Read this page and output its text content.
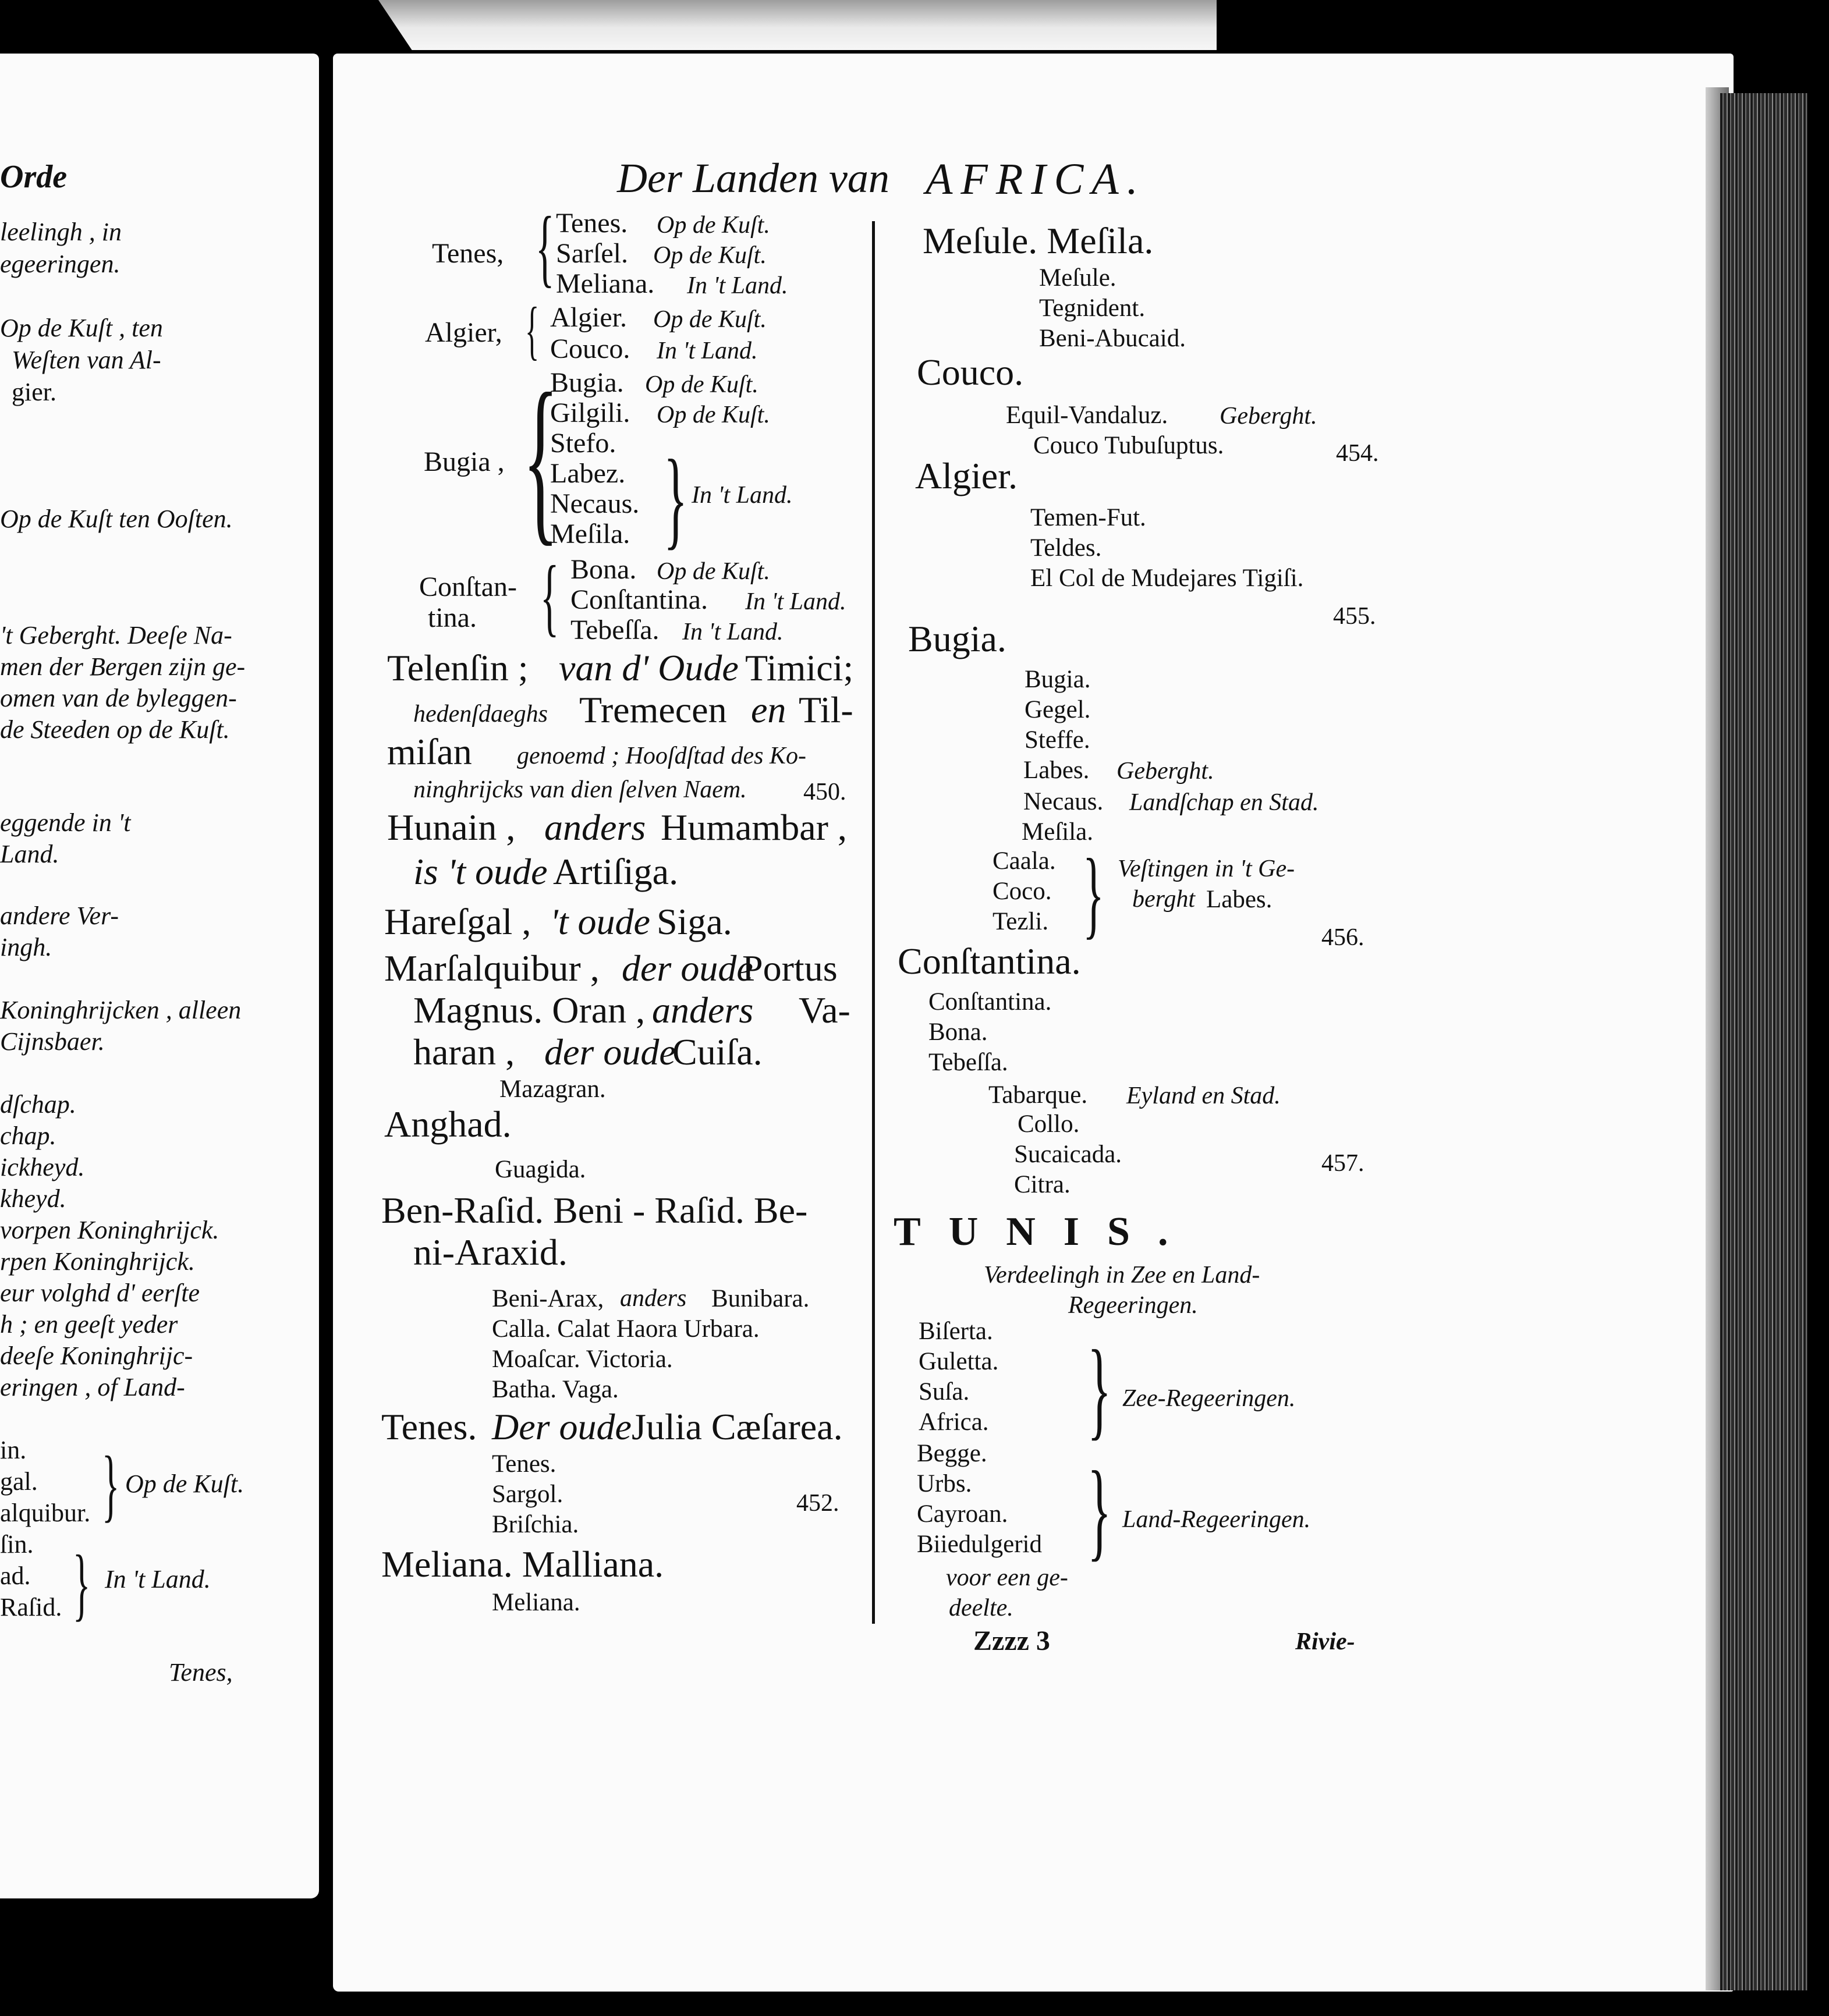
Orde
leelingh , in
egeeringen.
Op de Kuſt , ten
Weſten van Al-
gier.
Op de Kuſt ten Ooſten.
't Geberght. Deeſe Na-
men der Bergen zijn ge-
omen van de byleggen-
de Steeden op de Kuſt.
eggende in 't
Land.
andere Ver-
ingh.
Koninghrijcken , alleen
Cijnsbaer.
dſchap.
chap.
ickheyd.
kheyd.
vorpen Koninghrijck.
rpen Koninghrijck.
eur volghd d' eerſte
h ; en geeſt yeder
deeſe Koninghrijc-
eringen , of Land-
in.
gal.
alquibur.
ſin.
ad.
Raſid.
} Op de Kuſt.
} In 't Land.
Tenes,
Der Landen van AFRICA.
Tenes, { Tenes. Op de Kuſt.
Sarſel. Op de Kuſt.
Meliana. In 't Land.
Algier, { Algier. Op de Kuſt.
Couco. In 't Land.
Bugia , {
Bugia. Op de Kuſt.
Gilgili. Op de Kuſt.
Stefo.
Labez.
Necaus.
Meſila. } In 't Land.
Conſtan-
tina. { Bona. Op de Kuſt.
Conſtantina. In 't Land.
Tebeſſa. In 't Land.
Telenſin ; van d' Oude Timici;
hedenſdaeghs Tremecen en Til-
miſan genoemd ; Hooſdſtad des Ko-
ninghrijcks van dien ſelven Naem. 450.
Hunain , anders Humambar ,
is 't oude Artiſiga.
Hareſgal , 't oude Siga.
Marſalquibur , der oude
Portus
Magnus. Oran , anders Va-
haran , der oude
Cuiſa.
Mazagran.
Anghad.
Guagida.
Ben-Raſid. Beni - Raſid. Be-
ni-Araxid.
Beni-Arax, anders Bunibara.
Calla. Calat Haora Urbara.
Moaſcar. Victoria.
Batha. Vaga.
Tenes. Der oude Julia Cæſarea.
Tenes.
Sargol.
Briſchia.
452.
Meliana. Malliana.
Meliana.
Meſule. Meſila.
Meſule.
Tegnident.
Beni-Abucaid.
Couco.
Equil-Vandaluz. Geberght.
Couco Tubuſuptus.	454.
Algier.
Temen-Fut.
Teldes.
El Col de Mudejares Tigiſi.
455.
Bugia.
Bugia.
Gegel.
Steffe.
Labes. Geberght.
Necaus. Landſchap en Stad.
Meſila.
Caala.
Coco.
Tezli. } Veſtingen in 't Ge-
berght Labes.
456.
Conſtantina.
Conſtantina.
Bona.
Tebeſſa.
Tabarque. Eyland en Stad.
Collo.
Sucaicada.
Citra.
457.
TUNIS.
Verdeelingh in Zee en Land-
Regeeringen.
Biſerta.
Guletta.
Suſa.
Africa. } Zee-Regeeringen.
Begge.
Urbs.
Cayroan.
Biiedulgerid } Land-Regeeringen.
voor een ge-
deelte.
Zzzz 3	Rivie-
